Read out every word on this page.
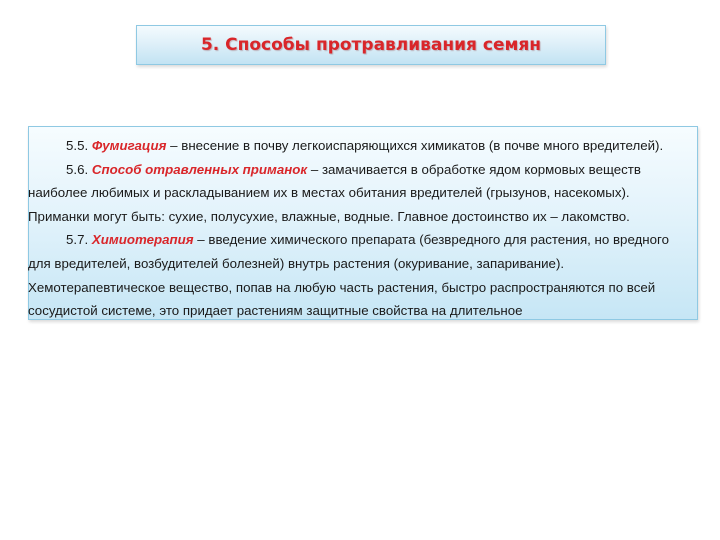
5. Способы протравливания семян

5.5. Фумигация – внесение в почву легкоиспаряющихся химикатов (в почве много вредителей).

5.6. Способ отравленных приманок – замачивается в обработке ядом кормовых веществ наиболее любимых и раскладыванием их в местах обитания вредителей (грызунов, насекомых). Приманки могут быть: сухие, полусухие, влажные, водные. Главное достоинство их – лакомство.

5.7. Химиотерапия – введение химического препарата (безвредного для растения, но вредного для вредителей, возбудителей болезней) внутрь растения (окуривание, запаривание). Хемотерапевтическое вещество, попав на любую часть растения, быстро распространяются по всей сосудистой системе, это придает растениям защитные свойства на длительное
